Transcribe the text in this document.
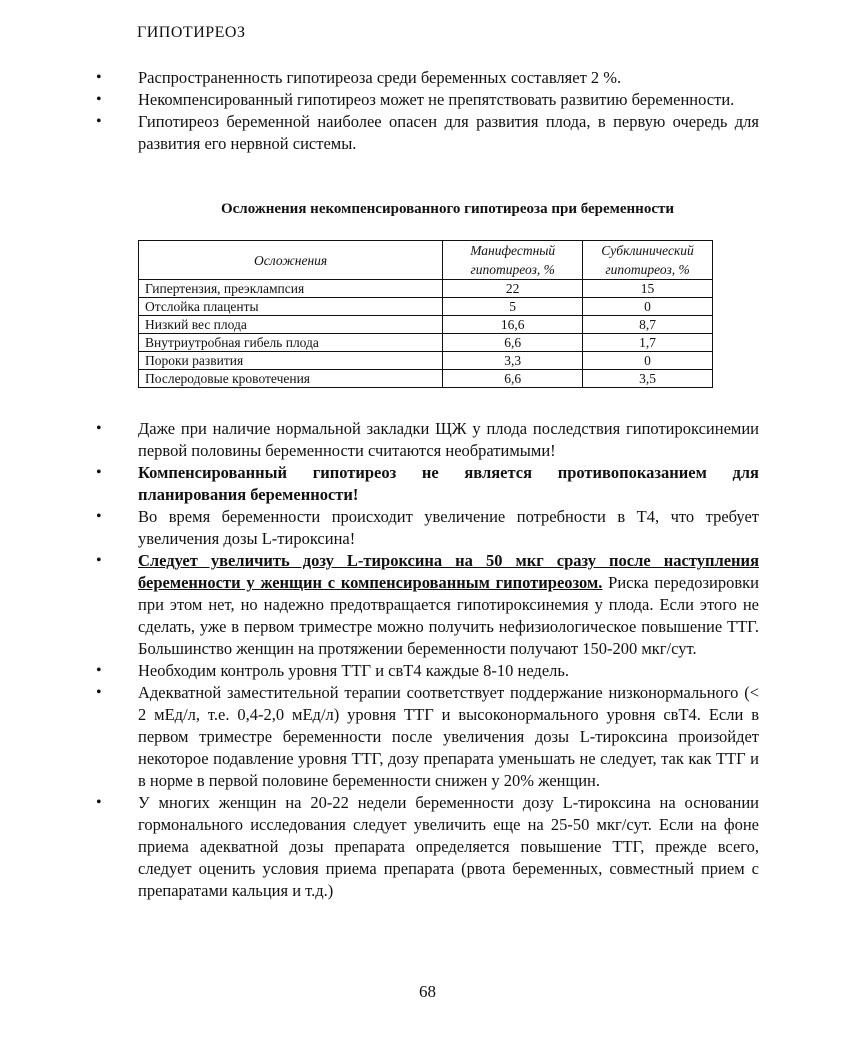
ГИПОТИРЕОЗ
•	Распространенность гипотиреоза среди беременных составляет 2 %.
•	Некомпенсированный гипотиреоз может не препятствовать развитию беременности.
•	Гипотиреоз беременной наиболее опасен для развития плода, в первую очередь для развития его нервной системы.
Осложнения некомпенсированного гипотиреоза при беременности
Осложнения	Манифестный гипотиреоз, %	Субклинический гипотиреоз, %
Гипертензия, преэклампсия	22	15
Отслойка плаценты	5	0
Низкий вес плода	16,6	8,7
Внутриутробная гибель плода	6,6	1,7
Пороки развития	3,3	0
Послеродовые кровотечения	6,6	3,5
•	Даже при наличие нормальной закладки ЩЖ у плода последствия гипотироксинемии первой половины беременности считаются необратимыми!
•	Компенсированный гипотиреоз не является противопоказанием для планирования беременности!
•	Во время беременности происходит увеличение потребности в Т4, что требует увеличения дозы L-тироксина!
•	Следует увеличить дозу L-тироксина на 50 мкг сразу после наступления беременности у женщин с компенсированным гипотиреозом. Риска передозировки при этом нет, но надежно предотвращается гипотироксинемия у плода. Если этого не сделать, уже в первом триместре можно получить нефизиологическое повышение ТТГ. Большинство женщин на протяжении беременности получают 150-200 мкг/сут.
•	Необходим контроль уровня ТТГ и свТ4 каждые 8-10 недель.
•	Адекватной заместительной терапии соответствует поддержание низконормального (< 2 мЕд/л, т.е. 0,4-2,0 мЕд/л) уровня ТТГ и высоконормального уровня свТ4. Если в первом триместре беременности после увеличения дозы L-тироксина произойдет некоторое подавление уровня ТТГ, дозу препарата уменьшать не следует, так как ТТГ и в норме в первой половине беременности снижен у 20% женщин.
•	У многих женщин на 20-22 недели беременности дозу L-тироксина на основании гормонального исследования следует увеличить еще на 25-50 мкг/сут. Если на фоне приема адекватной дозы препарата определяется повышение ТТГ, прежде всего, следует оценить условия приема препарата (рвота беременных, совместный прием с препаратами кальция и т.д.)
68
